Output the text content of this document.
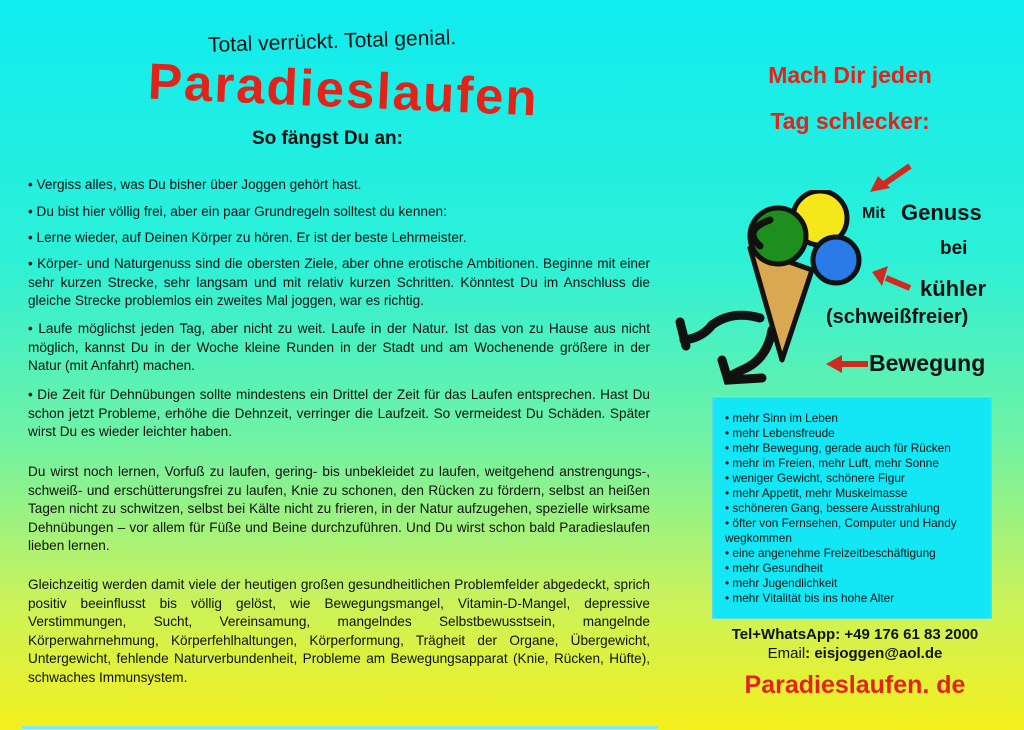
Total verrückt. Total genial.
Paradieslaufen
So fängst Du an:

• Vergiss alles, was Du bisher über Joggen gehört hast.

• Du bist hier völlig frei, aber ein paar Grundregeln solltest du kennen:

• Lerne wieder, auf Deinen Körper zu hören. Er ist der beste Lehrmeister.

• Körper- und Naturgenuss sind die obersten Ziele, aber ohne erotische Ambitionen. Beginne mit einer sehr kurzen Strecke, sehr langsam und mit relativ kurzen Schritten. Könntest Du im Anschluss die gleiche Strecke problemlos ein zweites Mal joggen, war es richtig.

• Laufe möglichst jeden Tag, aber nicht zu weit. Laufe in der Natur. Ist das von zu Hause aus nicht möglich, kannst Du in der Woche kleine Runden in der Stadt und am Wochenende größere in der Natur (mit Anfahrt) machen.

• Die Zeit für Dehnübungen sollte mindestens ein Drittel der Zeit für das Laufen entsprechen. Hast Du schon jetzt Probleme, erhöhe die Dehnzeit, verringer die Laufzeit. So vermeidest Du Schäden. Später wirst Du es wieder leichter haben.

Du wirst noch lernen, Vorfuß zu laufen, gering- bis unbekleidet zu laufen, weitgehend anstrengungs-, schweiß- und erschütterungsfrei zu laufen, Knie zu schonen, den Rücken zu fördern, selbst an heißen Tagen nicht zu schwitzen, selbst bei Kälte nicht zu frieren, in der Natur aufzugehen, spezielle wirksame Dehnübungen – vor allem für Füße und Beine durchzuführen. Und Du wirst schon bald Paradieslaufen lieben lernen.

Gleichzeitig werden damit viele der heutigen großen gesundheitlichen Problemfelder abgedeckt, sprich positiv beeinflusst bis völlig gelöst, wie Bewegungsmangel, Vitamin-D-Mangel, depressive Verstimmungen, Sucht, Vereinsamung, mangelndes Selbstbewusstsein, mangelnde Körperwahrnehmung, Körperfehlhaltungen, Körperformung, Trägheit der Organe, Übergewicht, Untergewicht, fehlende Naturverbundenheit, Probleme am Bewegungsapparat (Knie, Rücken, Hüfte), schwaches Immunsystem.

Mach Dir jeden
Tag schlecker:
Mit Genuss
bei
kühler
(schweißfreier)
Bewegung
• mehr Sinn im Leben
• mehr Lebensfreude
• mehr Bewegung, gerade auch für Rücken
• mehr im Freien, mehr Luft, mehr Sonne
• weniger Gewicht, schönere Figur
• mehr Appetit, mehr Muskelmasse
• schöneren Gang, bessere Ausstrahlung
• öfter von Fernsehen, Computer und Handy wegkommen
• eine angenehme Freizeitbeschäftigung
• mehr Gesundheit
• mehr Jugendlichkeit
• mehr Vitalität bis ins hohe Alter
Tel+WhatsApp: +49 176 61 83 2000
Email: eisjoggen@aol.de
Paradieslaufen. de
